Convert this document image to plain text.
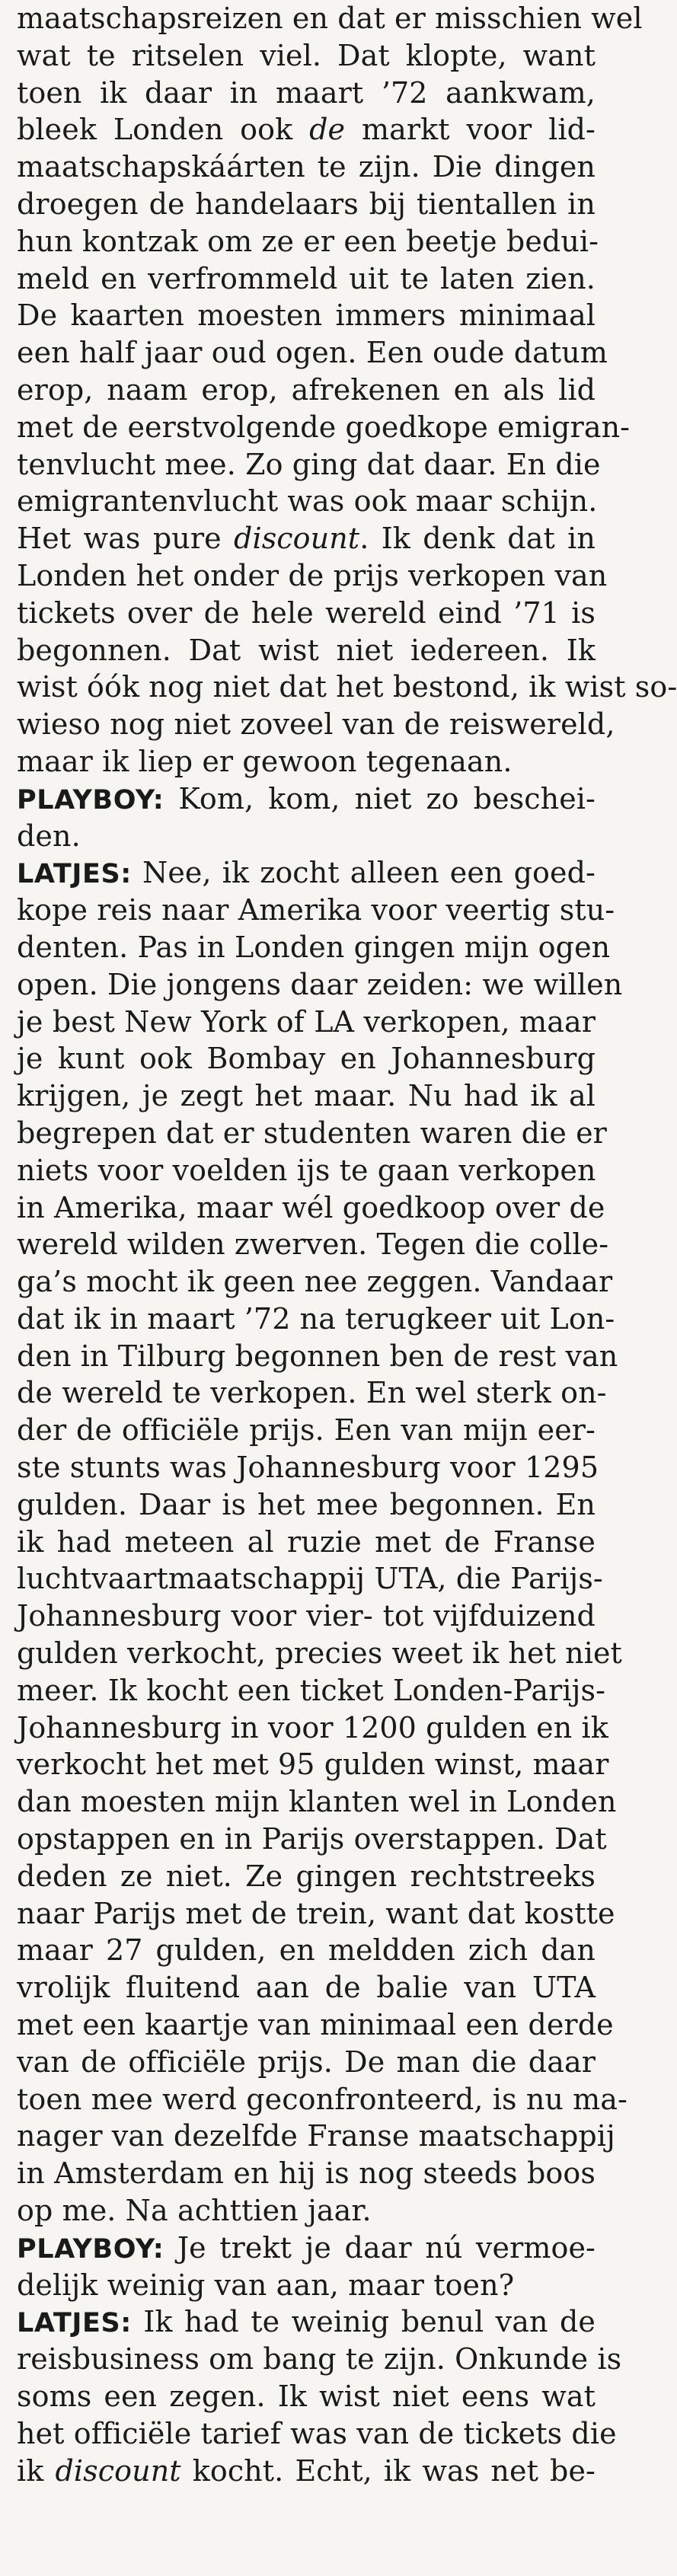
maatschapsreizen en dat er misschien wel
wat te ritselen viel. Dat klopte, want
toen ik daar in maart ’72 aankwam,
bleek Londen ook de markt voor lid-
maatschapskáárten te zijn. Die dingen
droegen de handelaars bij tientallen in
hun kontzak om ze er een beetje bedui-
meld en verfrommeld uit te laten zien.
De kaarten moesten immers minimaal
een half jaar oud ogen. Een oude datum
erop, naam erop, afrekenen en als lid
met de eerstvolgende goedkope emigran-
tenvlucht mee. Zo ging dat daar. En die
emigrantenvlucht was ook maar schijn.
Het was pure discount. Ik denk dat in
Londen het onder de prijs verkopen van
tickets over de hele wereld eind ’71 is
begonnen. Dat wist niet iedereen. Ik
wist óók nog niet dat het bestond, ik wist so-
wieso nog niet zoveel van de reiswereld,
maar ik liep er gewoon tegenaan.
PLAYBOY: Kom, kom, niet zo beschei-
den.
LATJES: Nee, ik zocht alleen een goed-
kope reis naar Amerika voor veertig stu-
denten. Pas in Londen gingen mijn ogen
open. Die jongens daar zeiden: we willen
je best New York of LA verkopen, maar
je kunt ook Bombay en Johannesburg
krijgen, je zegt het maar. Nu had ik al
begrepen dat er studenten waren die er
niets voor voelden ijs te gaan verkopen
in Amerika, maar wél goedkoop over de
wereld wilden zwerven. Tegen die colle-
ga’s mocht ik geen nee zeggen. Vandaar
dat ik in maart ’72 na terugkeer uit Lon-
den in Tilburg begonnen ben de rest van
de wereld te verkopen. En wel sterk on-
der de officiële prijs. Een van mijn eer-
ste stunts was Johannesburg voor 1295
gulden. Daar is het mee begonnen. En
ik had meteen al ruzie met de Franse
luchtvaartmaatschappij UTA, die Parijs-
Johannesburg voor vier- tot vijfduizend
gulden verkocht, precies weet ik het niet
meer. Ik kocht een ticket Londen-Parijs-
Johannesburg in voor 1200 gulden en ik
verkocht het met 95 gulden winst, maar
dan moesten mijn klanten wel in Londen
opstappen en in Parijs overstappen. Dat
deden ze niet. Ze gingen rechtstreeks
naar Parijs met de trein, want dat kostte
maar 27 gulden, en meldden zich dan
vrolijk fluitend aan de balie van UTA
met een kaartje van minimaal een derde
van de officiële prijs. De man die daar
toen mee werd geconfronteerd, is nu ma-
nager van dezelfde Franse maatschappij
in Amsterdam en hij is nog steeds boos
op me. Na achttien jaar.
PLAYBOY: Je trekt je daar nú vermoe-
delijk weinig van aan, maar toen?
LATJES: Ik had te weinig benul van de
reisbusiness om bang te zijn. Onkunde is
soms een zegen. Ik wist niet eens wat
het officiële tarief was van de tickets die
ik discount kocht. Echt, ik was net be-
